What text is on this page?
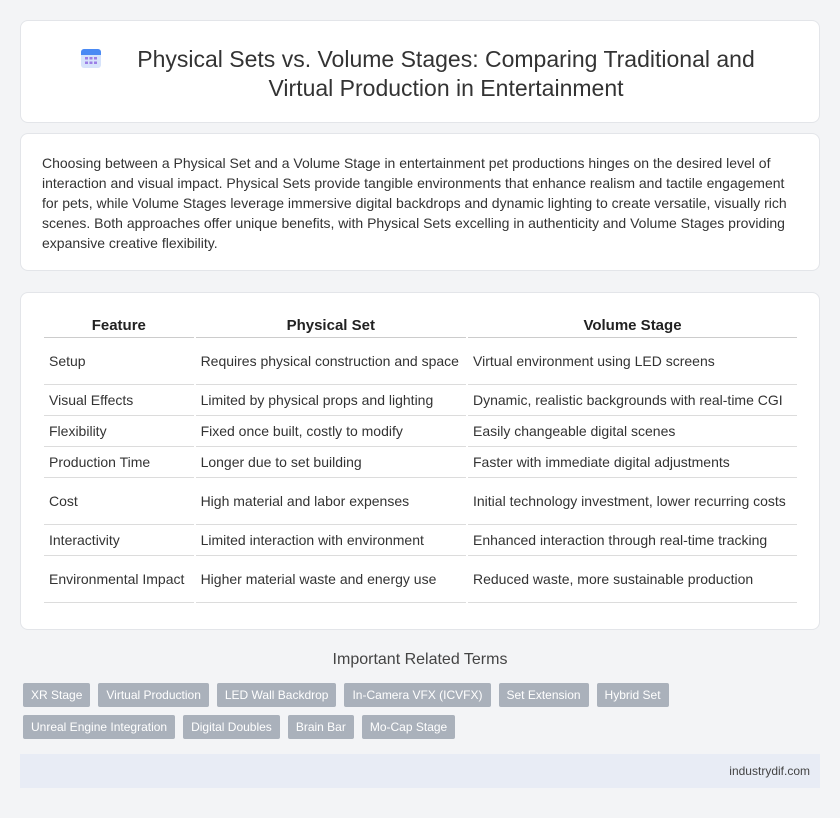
Physical Sets vs. Volume Stages: Comparing Traditional and Virtual Production in Entertainment

Choosing between a Physical Set and a Volume Stage in entertainment pet productions hinges on the desired level of interaction and visual impact. Physical Sets provide tangible environments that enhance realism and tactile engagement for pets, while Volume Stages leverage immersive digital backdrops and dynamic lighting to create versatile, visually rich scenes. Both approaches offer unique benefits, with Physical Sets excelling in authenticity and Volume Stages providing expansive creative flexibility.

Feature	Physical Set	Volume Stage
Setup	Requires physical construction and space	Virtual environment using LED screens
Visual Effects	Limited by physical props and lighting	Dynamic, realistic backgrounds with real-time CGI
Flexibility	Fixed once built, costly to modify	Easily changeable digital scenes
Production Time	Longer due to set building	Faster with immediate digital adjustments
Cost	High material and labor expenses	Initial technology investment, lower recurring costs
Interactivity	Limited interaction with environment	Enhanced interaction through real-time tracking
Environmental Impact	Higher material waste and energy use	Reduced waste, more sustainable production
Important Related Terms
XR Stage	Virtual Production	LED Wall Backdrop	In-Camera VFX (ICVFX)	Set Extension	Hybrid Set
Unreal Engine Integration	Digital Doubles	Brain Bar	Mo-Cap Stage
industrydif.com
